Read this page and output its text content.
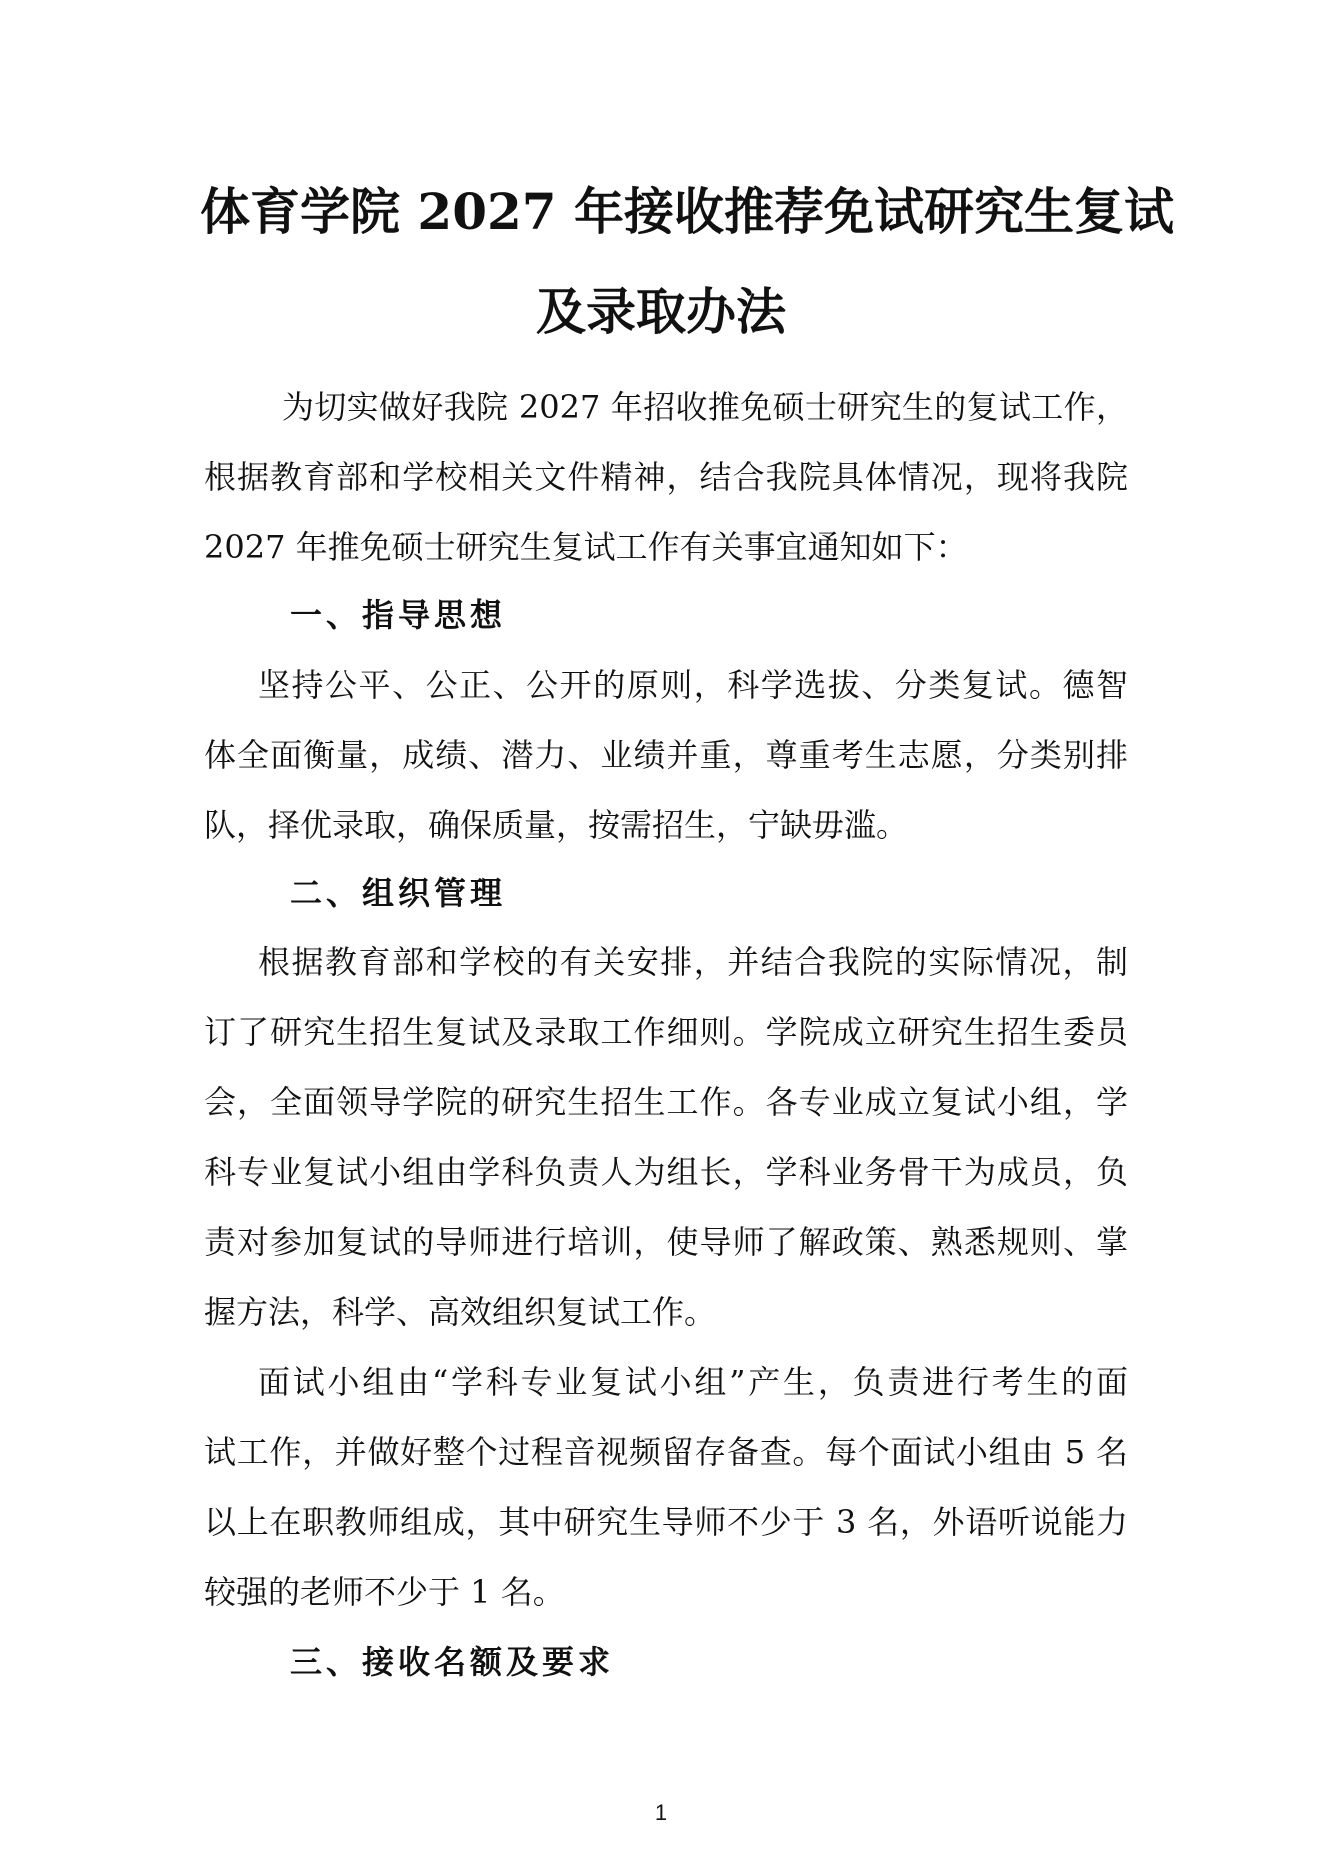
体育学院 2027 年接收推荐免试研究生复试
及录取办法
为切实做好我院 2027 年招收推免硕士研究生的复试工作，
根据教育部和学校相关文件精神，结合我院具体情况，现将我院
2027 年推免硕士研究生复试工作有关事宜通知如下：
一、指导思想
坚持公平、公正、公开的原则，科学选拔、分类复试。德智
体全面衡量，成绩、潜力、业绩并重，尊重考生志愿，分类别排
队，择优录取，确保质量，按需招生，宁缺毋滥。
二、组织管理
根据教育部和学校的有关安排，并结合我院的实际情况，制
订了研究生招生复试及录取工作细则。学院成立研究生招生委员
会，全面领导学院的研究生招生工作。各专业成立复试小组，学
科专业复试小组由学科负责人为组长，学科业务骨干为成员，负
责对参加复试的导师进行培训，使导师了解政策、熟悉规则、掌
握方法，科学、高效组织复试工作。
面试小组由“学科专业复试小组”产生，负责进行考生的面
试工作，并做好整个过程音视频留存备查。每个面试小组由 5 名
以上在职教师组成，其中研究生导师不少于 3 名，外语听说能力
较强的老师不少于 1 名。
三、接收名额及要求
1
